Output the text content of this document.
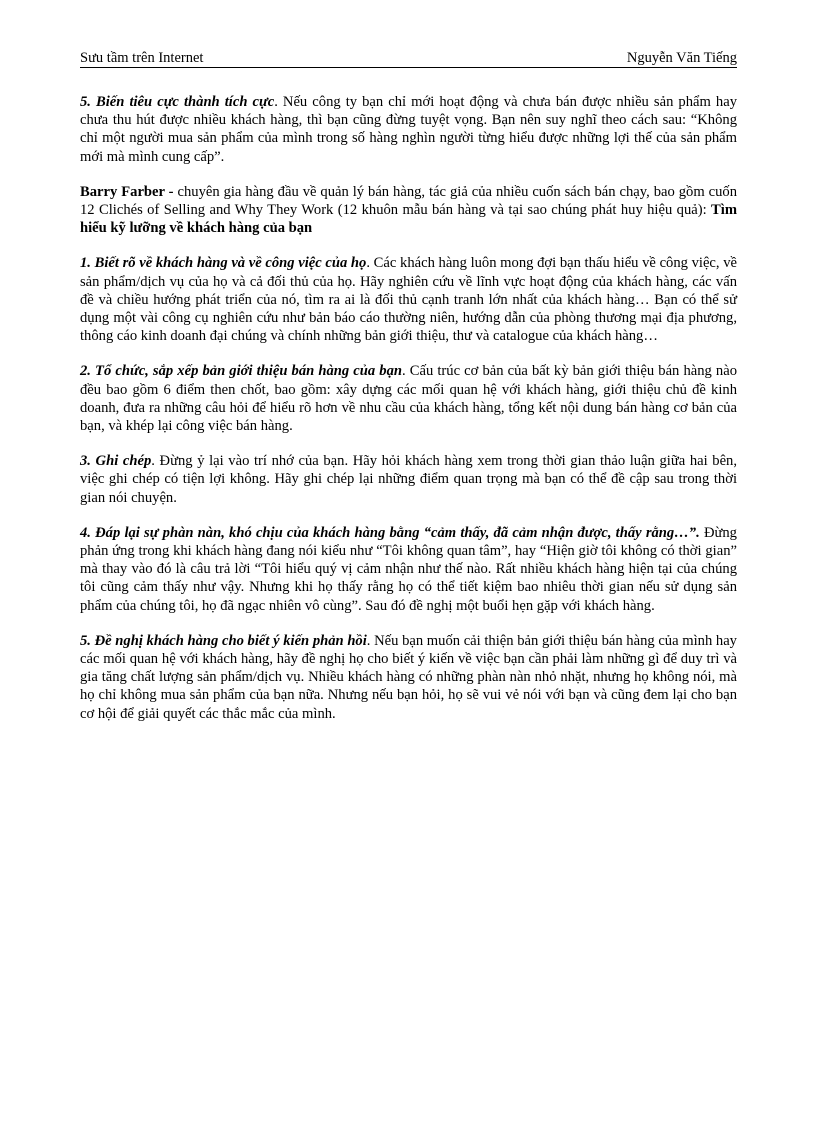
Sưu tầm trên Internet	Nguyễn Văn Tiếng

5. Biến tiêu cực thành tích cực. Nếu công ty bạn chỉ mới hoạt động và chưa bán được nhiều sản phẩm hay chưa thu hút được nhiều khách hàng, thì bạn cũng đừng tuyệt vọng. Bạn nên suy nghĩ theo cách sau: “Không chỉ một người mua sản phẩm của mình trong số hàng nghìn người từng hiểu được những lợi thế của sản phẩm mới mà mình cung cấp”.

Barry Farber - chuyên gia hàng đầu về quản lý bán hàng, tác giả của nhiều cuốn sách bán chạy, bao gồm cuốn 12 Clichés of Selling and Why They Work (12 khuôn mẫu bán hàng và tại sao chúng phát huy hiệu quả): Tìm hiểu kỹ lưỡng về khách hàng của bạn

1. Biết rõ về khách hàng và về công việc của họ. Các khách hàng luôn mong đợi bạn thấu hiểu về công việc, về sản phẩm/dịch vụ của họ và cả đối thủ của họ. Hãy nghiên cứu về lĩnh vực hoạt động của khách hàng, các vấn đề và chiều hướng phát triển của nó, tìm ra ai là đối thủ cạnh tranh lớn nhất của khách hàng… Bạn có thể sử dụng một vài công cụ nghiên cứu như bản báo cáo thường niên, hướng dẫn của phòng thương mại địa phương, thông cáo kinh doanh đại chúng và chính những bản giới thiệu, thư và catalogue của khách hàng…

2. Tổ chức, sắp xếp bản giới thiệu bán hàng của bạn. Cấu trúc cơ bản của bất kỳ bản giới thiệu bán hàng nào đều bao gồm 6 điểm then chốt, bao gồm: xây dựng các mối quan hệ với khách hàng, giới thiệu chủ đề kinh doanh, đưa ra những câu hỏi để hiểu rõ hơn về nhu cầu của khách hàng, tổng kết nội dung bán hàng cơ bản của bạn, và khép lại công việc bán hàng.

3. Ghi chép. Đừng ỷ lại vào trí nhớ của bạn. Hãy hỏi khách hàng xem trong thời gian thảo luận giữa hai bên, việc ghi chép có tiện lợi không. Hãy ghi chép lại những điểm quan trọng mà bạn có thể đề cập sau trong thời gian nói chuyện.

4. Đáp lại sự phàn nàn, khó chịu của khách hàng bằng “cảm thấy, đã cảm nhận được, thấy rằng…”. Đừng phản ứng trong khi khách hàng đang nói kiểu như “Tôi không quan tâm”, hay “Hiện giờ tôi không có thời gian” mà thay vào đó là câu trả lời “Tôi hiểu quý vị cảm nhận như thế nào. Rất nhiều khách hàng hiện tại của chúng tôi cũng cảm thấy như vậy. Nhưng khi họ thấy rằng họ có thể tiết kiệm bao nhiêu thời gian nếu sử dụng sản phẩm của chúng tôi, họ đã ngạc nhiên vô cùng”. Sau đó đề nghị một buổi hẹn gặp với khách hàng.

5. Đề nghị khách hàng cho biết ý kiến phản hồi. Nếu bạn muốn cải thiện bản giới thiệu bán hàng của mình hay các mối quan hệ với khách hàng, hãy đề nghị họ cho biết ý kiến về việc bạn cần phải làm những gì để duy trì và gia tăng chất lượng sản phẩm/dịch vụ. Nhiều khách hàng có những phàn nàn nhỏ nhặt, nhưng họ không nói, mà họ chỉ không mua sản phẩm của bạn nữa. Nhưng nếu bạn hỏi, họ sẽ vui vẻ nói với bạn và cũng đem lại cho bạn cơ hội để giải quyết các thắc mắc của mình.
